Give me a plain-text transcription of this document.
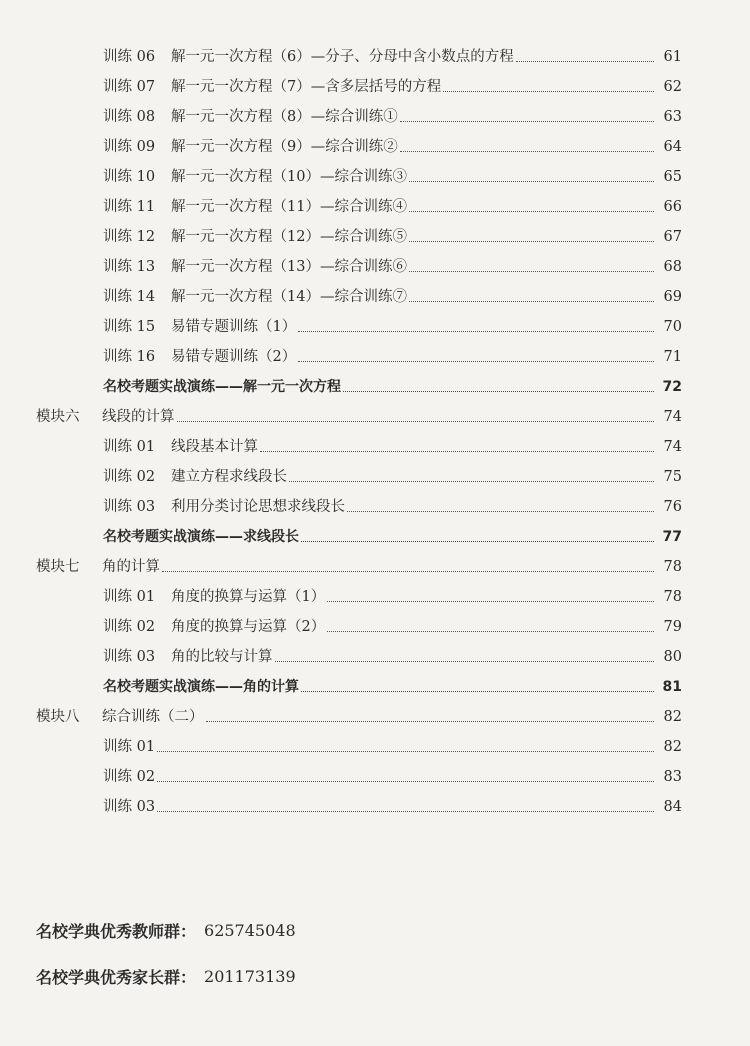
训练 06 解一元一次方程（6）—分子、分母中含小数点的方程	61
训练 07 解一元一次方程（7）—含多层括号的方程	62
训练 08 解一元一次方程（8）—综合训练①	63
训练 09 解一元一次方程（9）—综合训练②	64
训练 10 解一元一次方程（10）—综合训练③	65
训练 11 解一元一次方程（11）—综合训练④	66
训练 12 解一元一次方程（12）—综合训练⑤	67
训练 13 解一元一次方程（13）—综合训练⑥	68
训练 14 解一元一次方程（14）—综合训练⑦	69
训练 15 易错专题训练（1）	70
训练 16 易错专题训练（2）	71
名校考题实战演练——解一元一次方程	72
模块六 线段的计算	74
训练 01 线段基本计算	74
训练 02 建立方程求线段长	75
训练 03 利用分类讨论思想求线段长	76
名校考题实战演练——求线段长	77
模块七 角的计算	78
训练 01 角度的换算与运算（1）	78
训练 02 角度的换算与运算（2）	79
训练 03 角的比较与计算	80
名校考题实战演练——角的计算	81
模块八 综合训练（二）	82
训练 01	82
训练 02	83
训练 03	84
名校学典优秀教师群： 625745048
名校学典优秀家长群： 201173139
